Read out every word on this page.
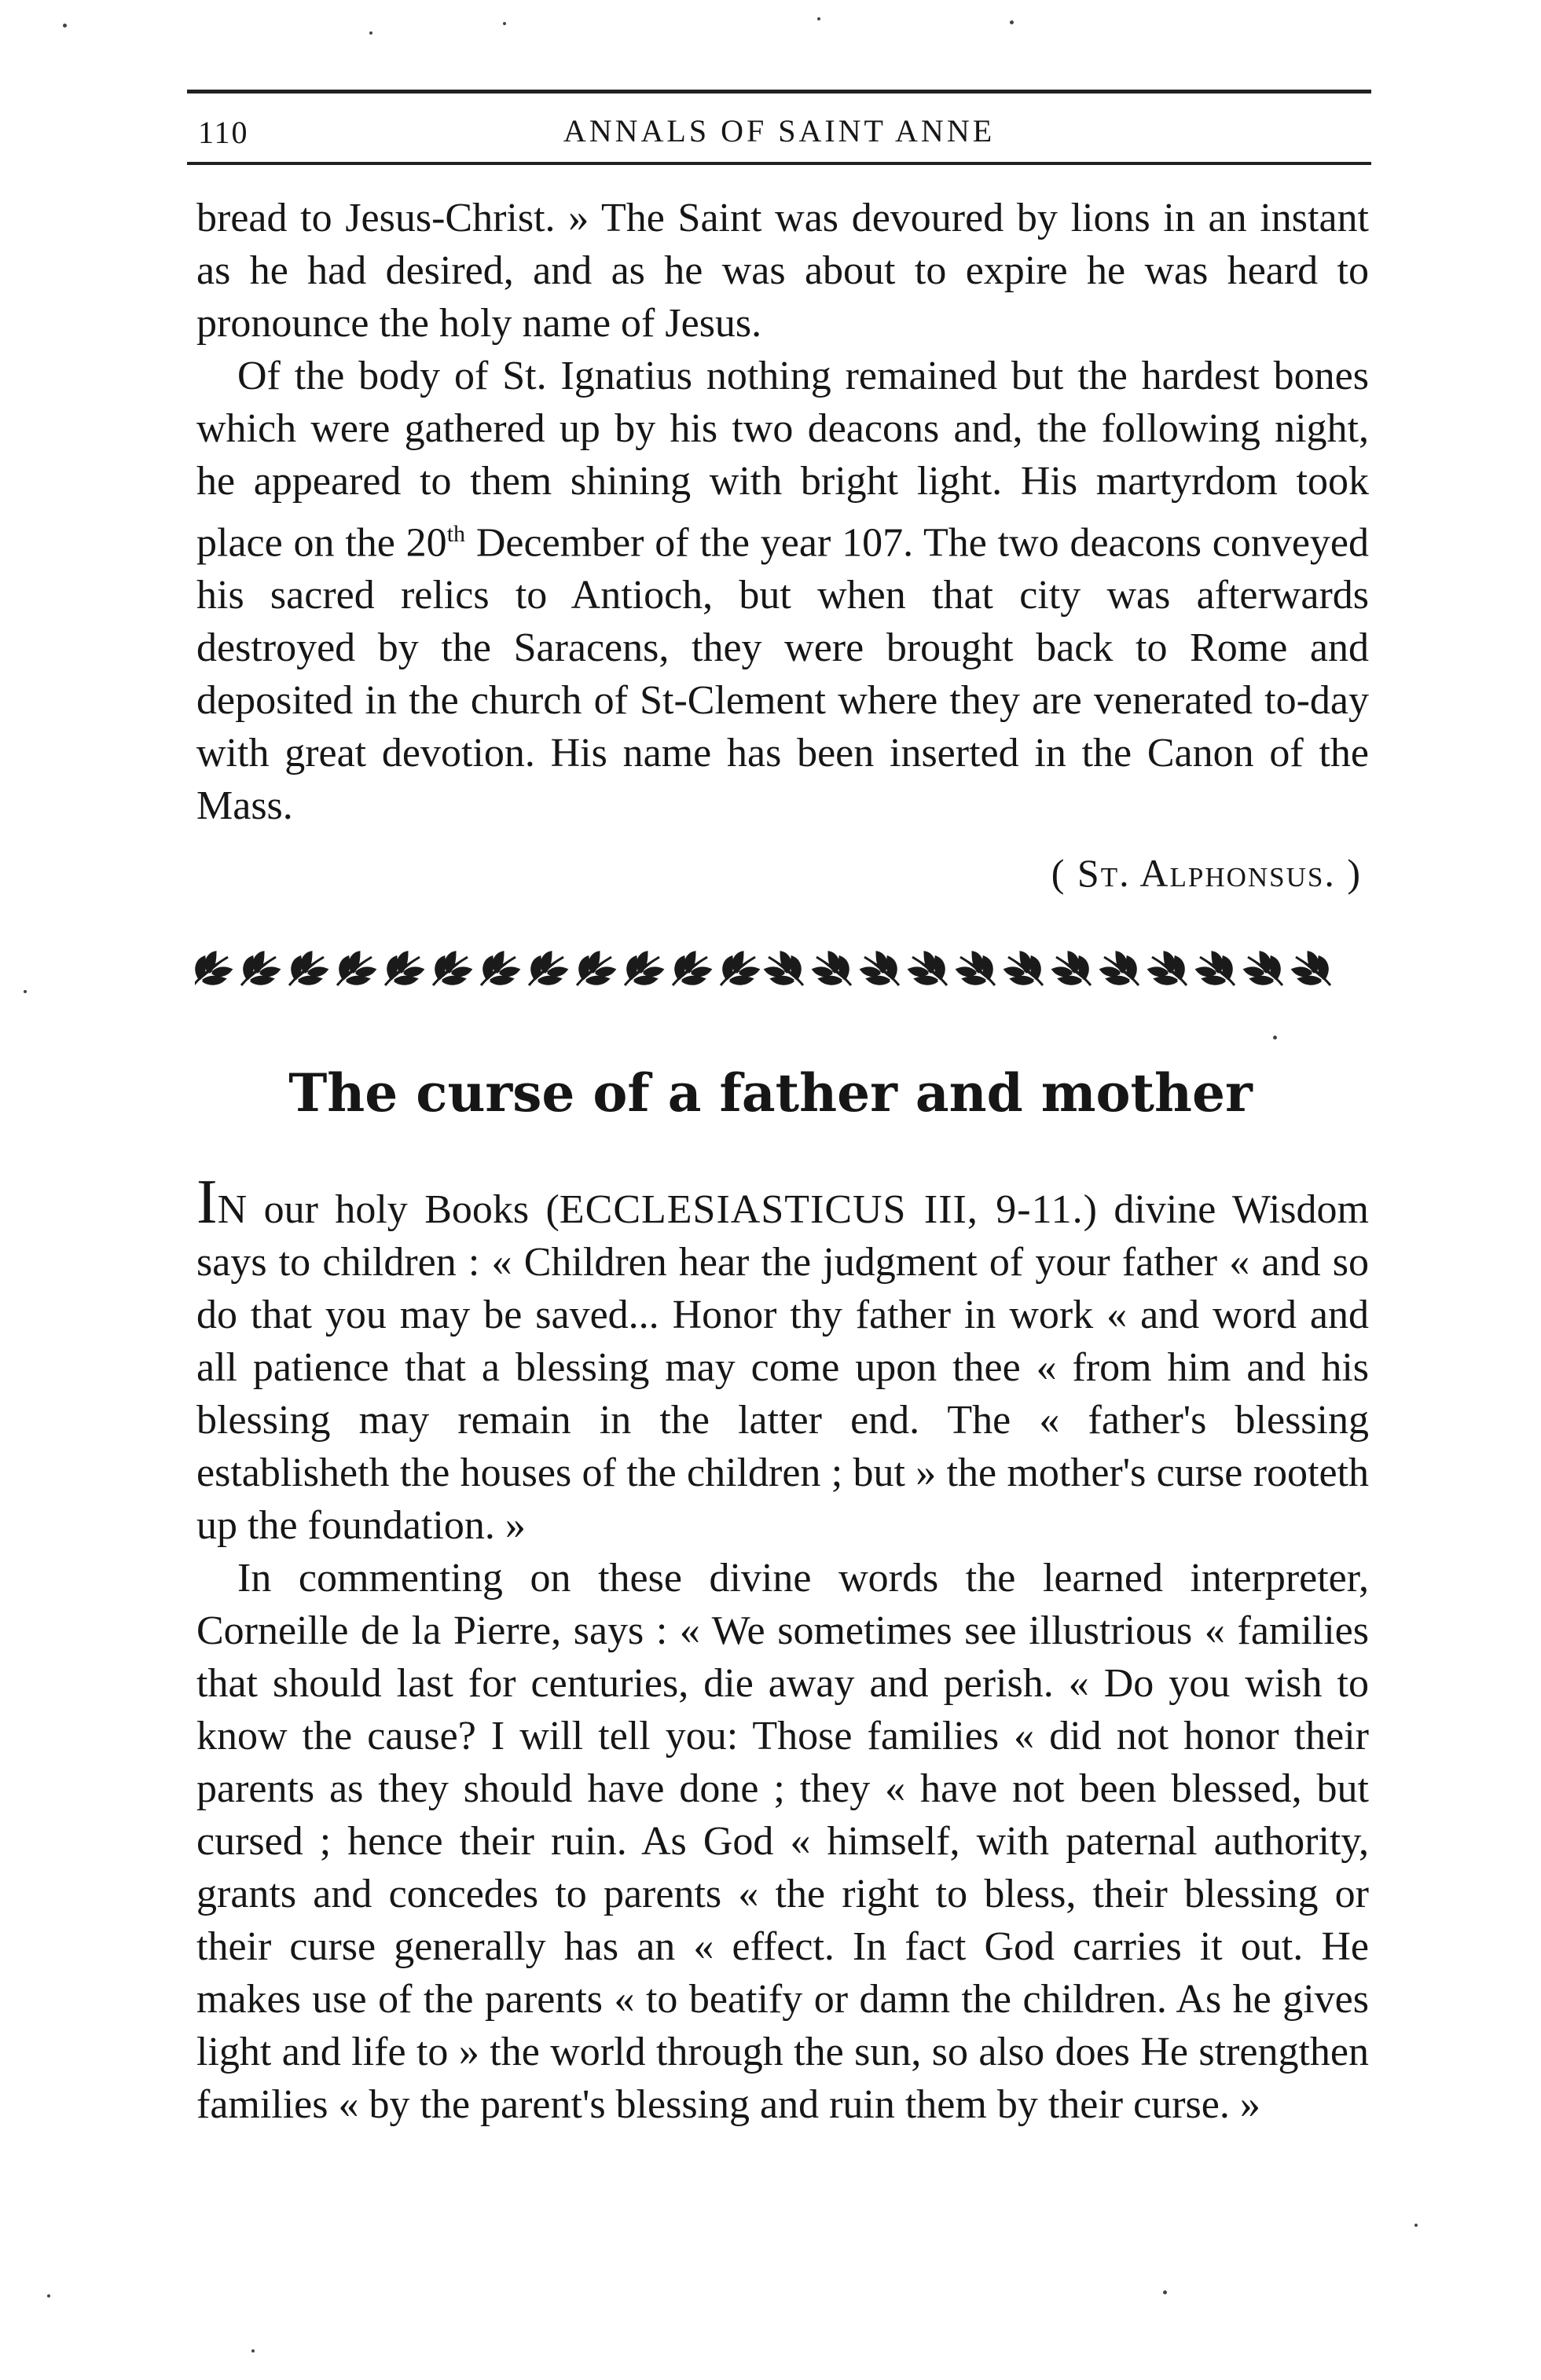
110	ANNALS OF SAINT ANNE

bread to Jesus-Christ. » The Saint was devoured by lions in an instant as he had desired, and as he was about to expire he was heard to pronounce the holy name of Jesus.

Of the body of St. Ignatius nothing remained but the hardest bones which were gathered up by his two deacons and, the following night, he appeared to them shining with bright light. His martyrdom took place on the 20th December of the year 107. The two deacons conveyed his sacred relics to Antioch, but when that city was afterwards destroyed by the Saracens, they were brought back to Rome and deposited in the church of St-Clement where they are venerated to-day with great devotion. His name has been inserted in the Canon of the Mass.

( St. Alphonsus. )
The curse of a father and mother

IN our holy Books (ECCLESIASTICUS III, 9-11.) divine Wisdom says to children : « Children hear the judgment of your father « and so do that you may be saved... Honor thy father in work « and word and all patience that a blessing may come upon thee « from him and his blessing may remain in the latter end. The « father's blessing establisheth the houses of the children ; but » the mother's curse rooteth up the foundation. »

In commenting on these divine words the learned interpreter, Corneille de la Pierre, says : « We sometimes see illustrious « families that should last for centuries, die away and perish. « Do you wish to know the cause? I will tell you: Those families « did not honor their parents as they should have done ; they « have not been blessed, but cursed ; hence their ruin. As God « himself, with paternal authority, grants and concedes to parents « the right to bless, their blessing or their curse generally has an « effect. In fact God carries it out. He makes use of the parents « to beatify or damn the children. As he gives light and life to » the world through the sun, so also does He strengthen families « by the parent's blessing and ruin them by their curse. »
